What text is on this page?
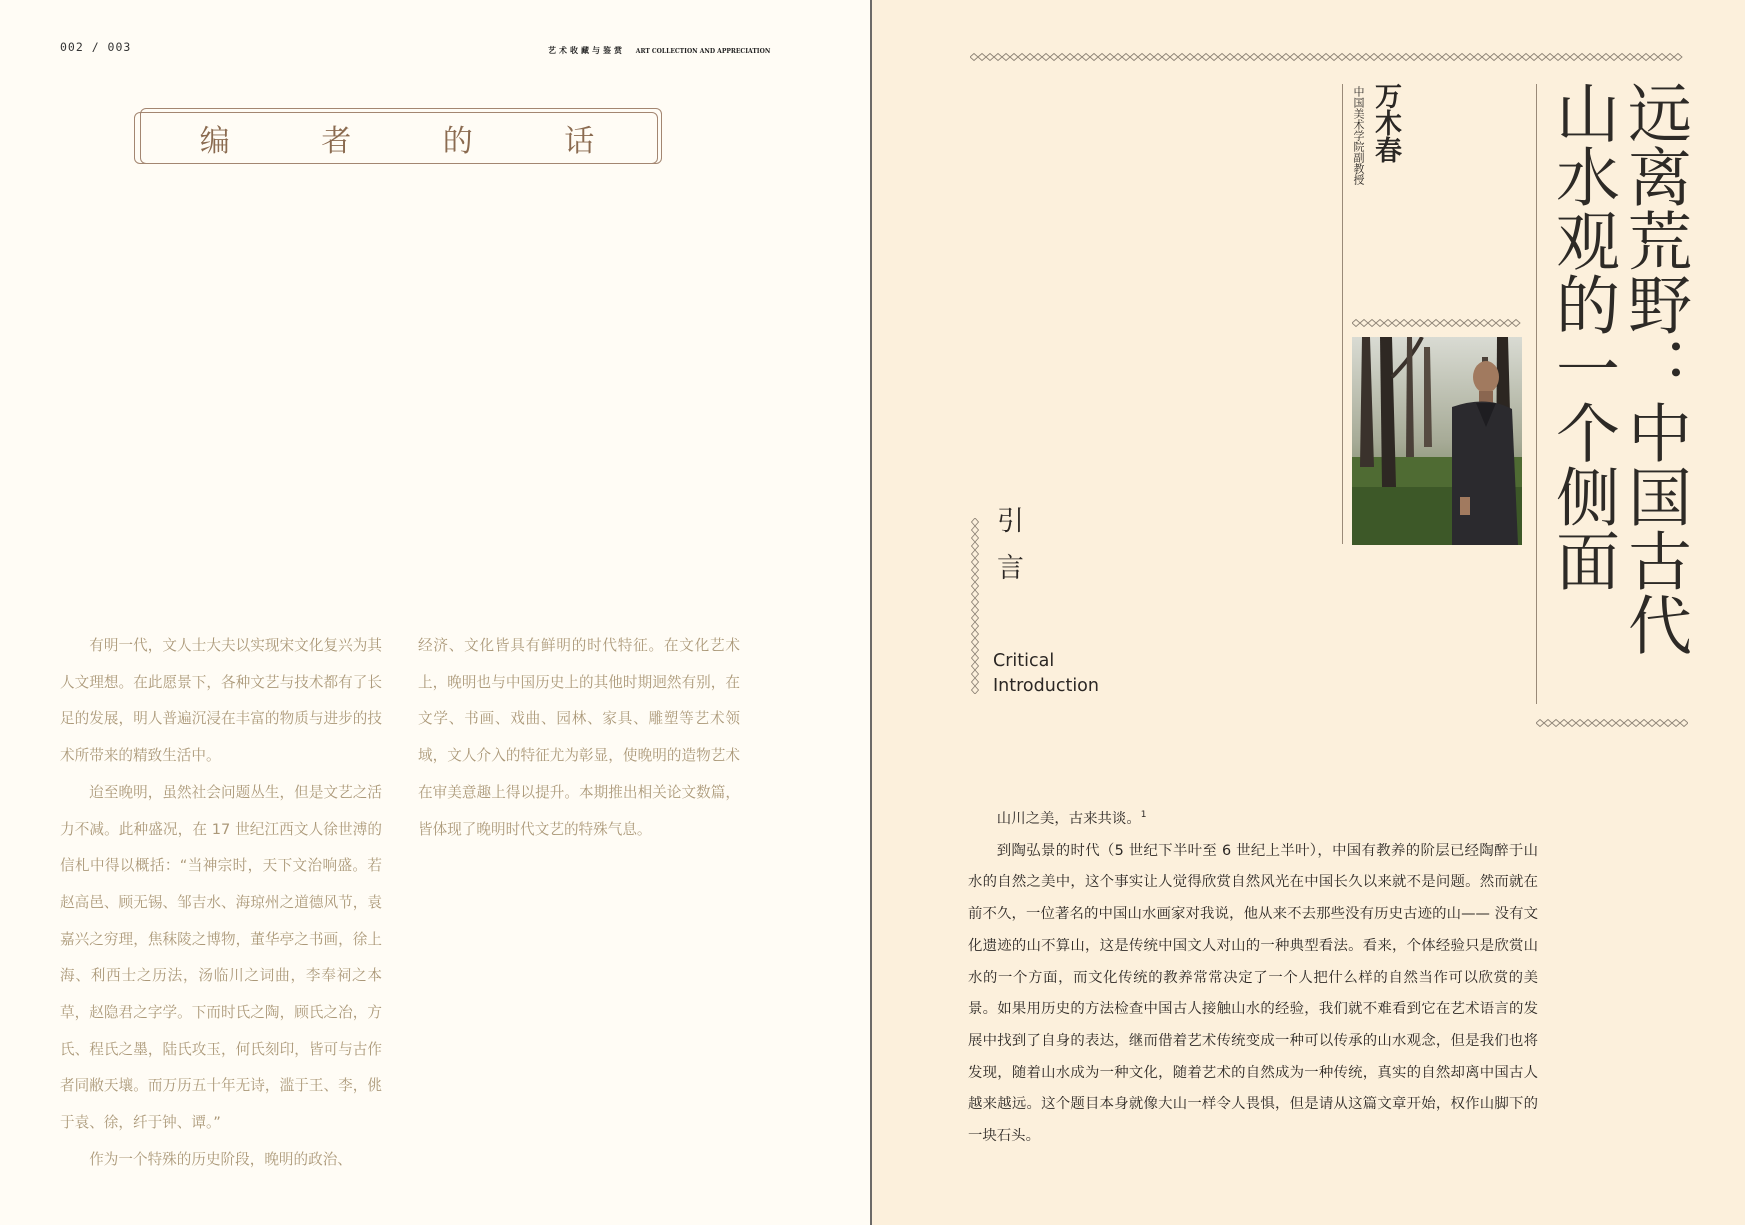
002 / 003	艺术收藏与鉴赏 ART COLLECTION AND APPRECIATION
编	者	的	话

有明一代，文人士大夫以实现宋文化复兴为其人文理想。在此愿景下，各种文艺与技术都有了长足的发展，明人普遍沉浸在丰富的物质与进步的技术所带来的精致生活中。

迨至晚明，虽然社会问题丛生，但是文艺之活力不减。此种盛况，在 17 世纪江西文人徐世溥的信札中得以概括：“当神宗时，天下文治响盛。若赵高邑、顾无锡、邹吉水、海琼州之道德风节，袁嘉兴之穷理，焦秣陵之博物，董华亭之书画，徐上海、利西士之历法，汤临川之词曲，李奉祠之本草，赵隐君之字学。下而时氏之陶，顾氏之冶，方氏、程氏之墨，陆氏攻玉，何氏刻印，皆可与古作者同敝天壤。而万历五十年无诗，滥于王、李，佻于袁、徐，纤于钟、谭。”

作为一个特殊的历史阶段，晚明的政治、

经济、文化皆具有鲜明的时代特征。在文化艺术上，晚明也与中国历史上的其他时期迥然有别，在文学、书画、戏曲、园林、家具、雕塑等艺术领域，文人介入的特征尤为彰显，使晚明的造物艺术在审美意趣上得以提升。本期推出相关论文数篇，皆体现了晚明时代文艺的特殊气息。

远离荒野：中国古代
山水观的一个侧面
万木春
中国美术学院副教授
引言
Critical
Introduction

山川之美，古来共谈。$^1$

到陶弘景的时代（5 世纪下半叶至 6 世纪上半叶），中国有教养的阶层已经陶醉于山水的自然之美中，这个事实让人觉得欣赏自然风光在中国长久以来就不是问题。然而就在前不久，一位著名的中国山水画家对我说，他从来不去那些没有历史古迹的山—— 没有文化遗迹的山不算山，这是传统中国文人对山的一种典型看法。看来，个体经验只是欣赏山水的一个方面，而文化传统的教养常常决定了一个人把什么样的自然当作可以欣赏的美景。如果用历史的方法检查中国古人接触山水的经验，我们就不难看到它在艺术语言的发展中找到了自身的表达，继而借着艺术传统变成一种可以传承的山水观念，但是我们也将发现，随着山水成为一种文化，随着艺术的自然成为一种传统，真实的自然却离中国古人越来越远。这个题目本身就像大山一样令人畏惧，但是请从这篇文章开始，权作山脚下的一块石头。
